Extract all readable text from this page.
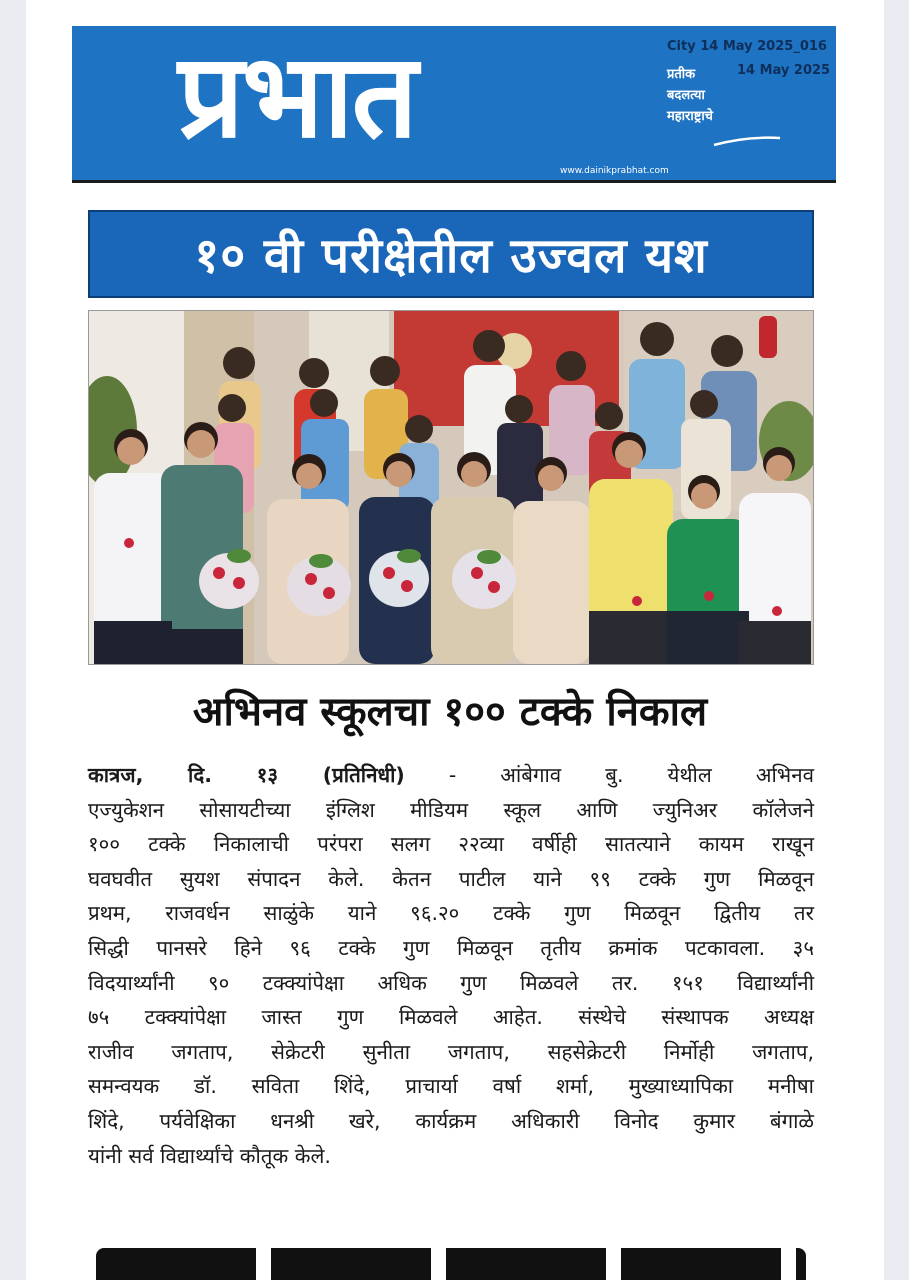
प्रभात	City 14 May 2025_016
14 May 2025
प्रतीक
बदलत्या
महाराष्ट्राचे
www.dainikprabhat.com
१० वी परीक्षेतील उज्वल यश
अभिनव स्कूलचा १०० टक्के निकाल
कात्रज, दि. १३ (प्रतिनिधी) - आंबेगाव बु. येथील अभिनव
एज्युकेशन सोसायटीच्या इंग्लिश मीडियम स्कूल आणि ज्युनिअर कॉलेजने
१०० टक्के निकालाची परंपरा सलग २२व्या वर्षीही सातत्याने कायम राखून
घवघवीत सुयश संपादन केले. केतन पाटील याने ९९ टक्के गुण मिळवून
प्रथम, राजवर्धन साळुंके याने ९६.२० टक्के गुण मिळवून द्वितीय तर
सिद्धी पानसरे हिने ९६ टक्के गुण मिळवून तृतीय क्रमांक पटकावला. ३५
विदयार्थ्यांनी ९० टक्क्यांपेक्षा अधिक गुण मिळवले तर. १५१ विद्यार्थ्यांनी
७५ टक्क्यांपेक्षा जास्त गुण मिळवले आहेत. संस्थेचे संस्थापक अध्यक्ष
राजीव जगताप, सेक्रेटरी सुनीता जगताप, सहसेक्रेटरी निर्मोही जगताप,
समन्वयक डॉ. सविता शिंदे, प्राचार्या वर्षा शर्मा, मुख्याध्यापिका मनीषा
शिंदे, पर्यवेक्षिका धनश्री खरे, कार्यक्रम अधिकारी विनोद कुमार बंगाळे
यांनी सर्व विद्यार्थ्यांचे कौतूक केले.
